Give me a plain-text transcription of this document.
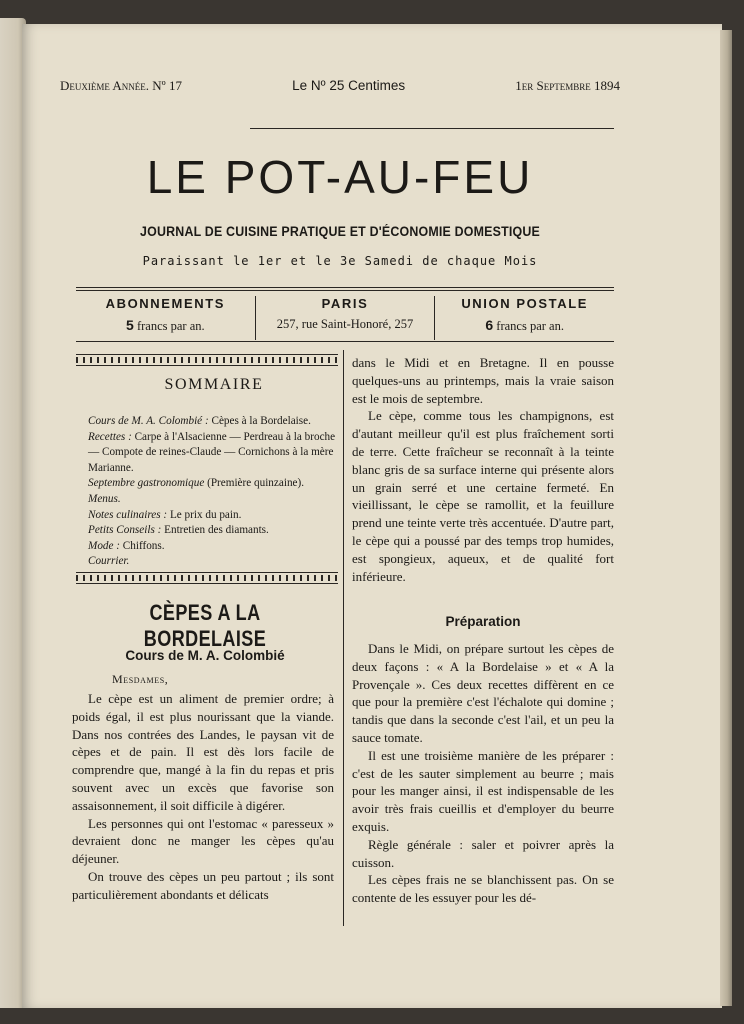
Deuxième Année. Nº 17	Le Nº 25 Centimes	1er Septembre 1894
LE POT-AU-FEU
JOURNAL DE CUISINE PRATIQUE ET D'ÉCONOMIE DOMESTIQUE
Paraissant le 1er et le 3e Samedi de chaque Mois
ABONNEMENTS
5 francs par an.
PARIS
257, rue Saint-Honoré, 257
UNION POSTALE
6 francs par an.
SOMMAIRE
Cours de M. A. Colombié : Cèpes à la Bordelaise.
Recettes : Carpe à l'Alsacienne — Perdreau à la broche — Compote de reines-Claude — Cornichons à la mère Marianne.
Septembre gastronomique (Première quinzaine).
Menus.
Notes culinaires : Le prix du pain.
Petits Conseils : Entretien des diamants.
Mode : Chiffons.
Courrier.
CÈPES A LA BORDELAISE
Cours de M. A. Colombié
Mesdames,

Le cèpe est un aliment de premier ordre; à poids égal, il est plus nourissant que la viande. Dans nos contrées des Landes, le paysan vit de cèpes et de pain. Il est dès lors facile de comprendre que, mangé à la fin du repas et pris souvent avec un excès que favorise son assaisonnement, il soit difficile à digérer.

Les personnes qui ont l'estomac « paresseux » devraient donc ne manger les cèpes qu'au déjeuner.

On trouve des cèpes un peu partout ; ils sont particulièrement abondants et délicats

dans le Midi et en Bretagne. Il en pousse quelques-uns au printemps, mais la vraie saison est le mois de septembre.

Le cèpe, comme tous les champignons, est d'autant meilleur qu'il est plus fraîchement sorti de terre. Cette fraîcheur se reconnaît à la teinte blanc gris de sa surface interne qui présente alors un grain serré et une certaine fermeté. En vieillissant, le cèpe se ramollit, et la feuillure prend une teinte verte très accentuée. D'autre part, le cèpe qui a poussé par des temps trop humides, est spongieux, aqueux, et de qualité fort inférieure.

Préparation

Dans le Midi, on prépare surtout les cèpes de deux façons : « A la Bordelaise » et « A la Provençale ». Ces deux recettes diffèrent en ce que pour la première c'est l'échalote qui domine ; tandis que dans la seconde c'est l'ail, et un peu la sauce tomate.

Il est une troisième manière de les préparer : c'est de les sauter simplement au beurre ; mais pour les manger ainsi, il est indispensable de les avoir très frais cueillis et d'employer du beurre exquis.

Règle générale : saler et poivrer après la cuisson.

Les cèpes frais ne se blanchissent pas. On se contente de les essuyer pour les dé-
